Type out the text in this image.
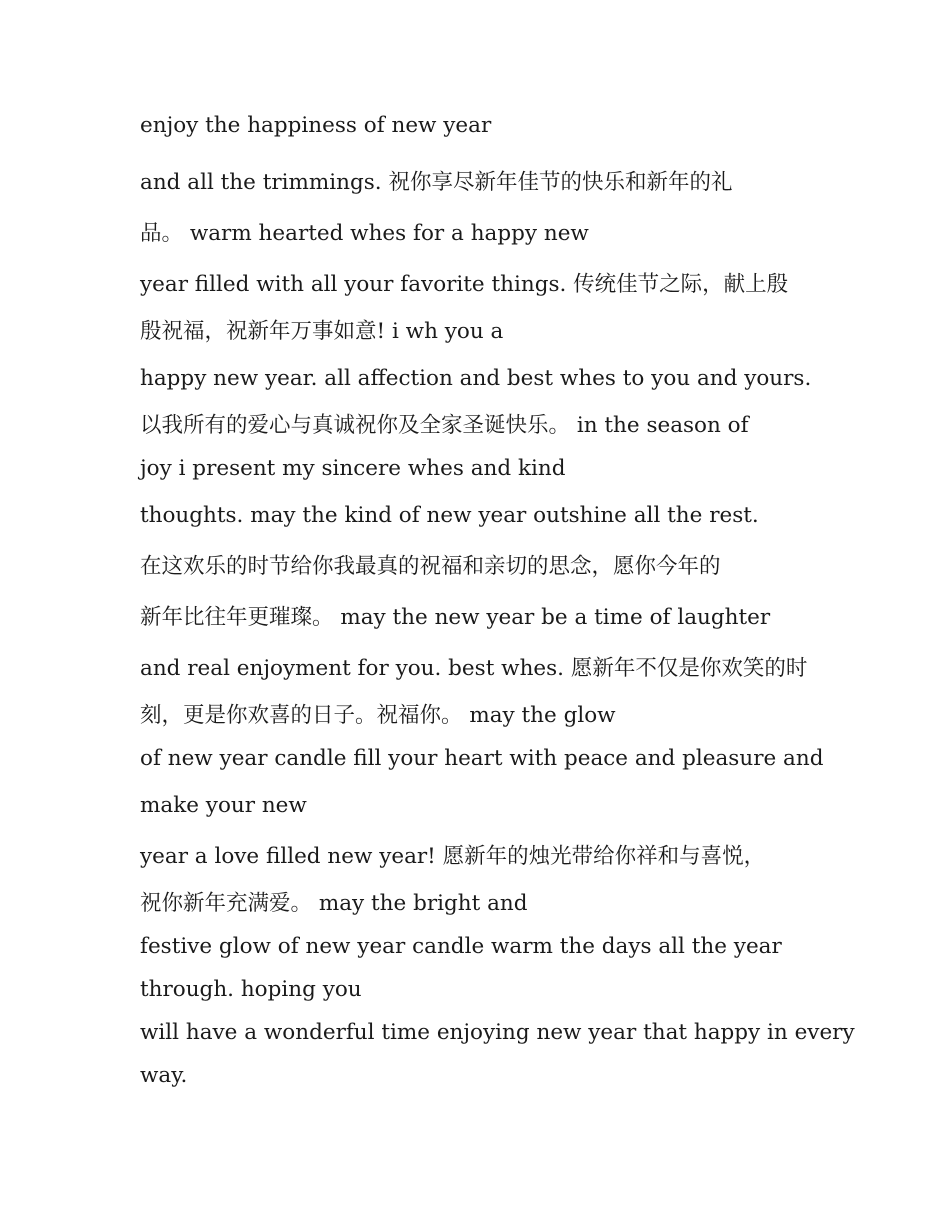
enjoy the happiness of new year
and all the trimmings. 祝你享尽新年佳节的快乐和新年的礼
品。 warm hearted whes for a happy new
year filled with all your favorite things. 传统佳节之际，献上殷
殷祝福，祝新年万事如意! i wh you a
happy new year. all affection and best whes to you and yours.
以我所有的爱心与真诚祝你及全家圣诞快乐。 in the season of
joy i present my sincere whes and kind
thoughts. may the kind of new year outshine all the rest.
在这欢乐的时节给你我最真的祝福和亲切的思念，愿你今年的
新年比往年更璀璨。 may the new year be a time of laughter
and real enjoyment for you. best whes. 愿新年不仅是你欢笑的时
刻，更是你欢喜的日子。祝福你。 may the glow
of new year candle fill your heart with peace and pleasure and
make your new
year a love filled new year! 愿新年的烛光带给你祥和与喜悦，
祝你新年充满爱。 may the bright and
festive glow of new year candle warm the days all the year
through. hoping you
will have a wonderful time enjoying new year that happy in every
way.
